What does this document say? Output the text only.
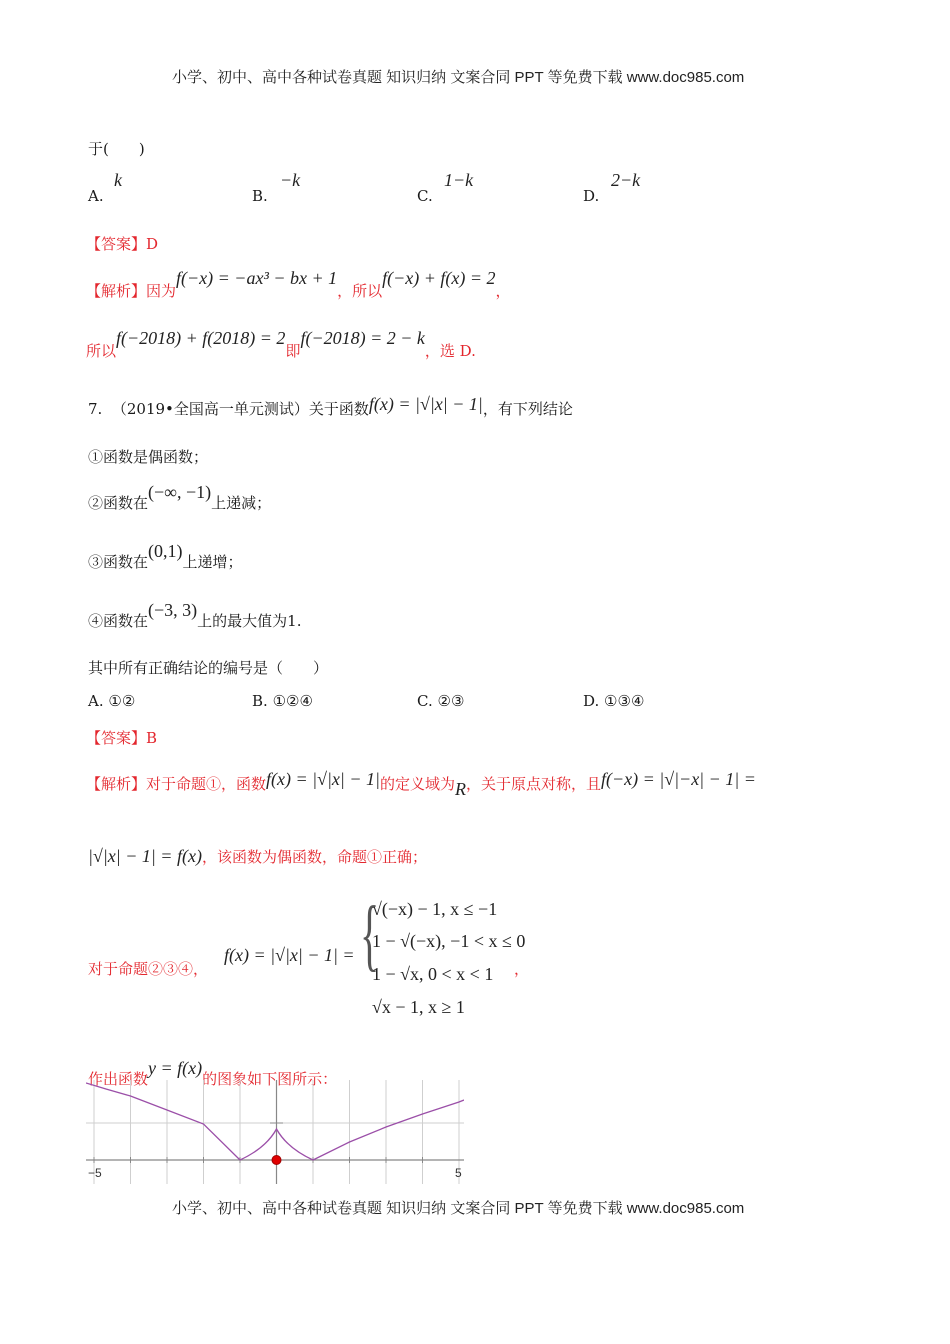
小学、初中、高中各种试卷真题 知识归纳 文案合同 PPT 等免费下载 www.doc985.com
于(　　)
A.
k
B.
−k
C.
1−k
D.
2−k
【答案】D
【解析】因为f(−x) = −ax³ − bx + 1，所以f(−x) + f(x) = 2，
所以f(−2018) + f(2018) = 2即f(−2018) = 2 − k，选 D.
7. （2019•全国高一单元测试）关于函数f(x) = |√|x| − 1|，有下列结论
①函数是偶函数；
②函数在(−∞, −1)上递减；
③函数在(0,1)上递增；
④函数在(−3, 3)上的最大值为1.
其中所有正确结论的编号是（　　）
A. ①②	B. ①②④	C. ②③	D. ①③④
【答案】B
【解析】对于命题①，函数f(x) = |√|x| − 1|的定义域为R，关于原点对称，且f(−x) = |√|−x| − 1| =
|√|x| − 1| = f(x)，该函数为偶函数，命题①正确；
对于命题②③④，
f(x) = |√|x| − 1| = {
√(−x) − 1, x ≤ −1
1 − √(−x), −1 < x ≤ 0
1 − √x, 0 < x < 1
√x − 1, x ≥ 1
，
作出函数y = f(x)的图象如下图所示：
−5	5
小学、初中、高中各种试卷真题 知识归纳 文案合同 PPT 等免费下载 www.doc985.com
